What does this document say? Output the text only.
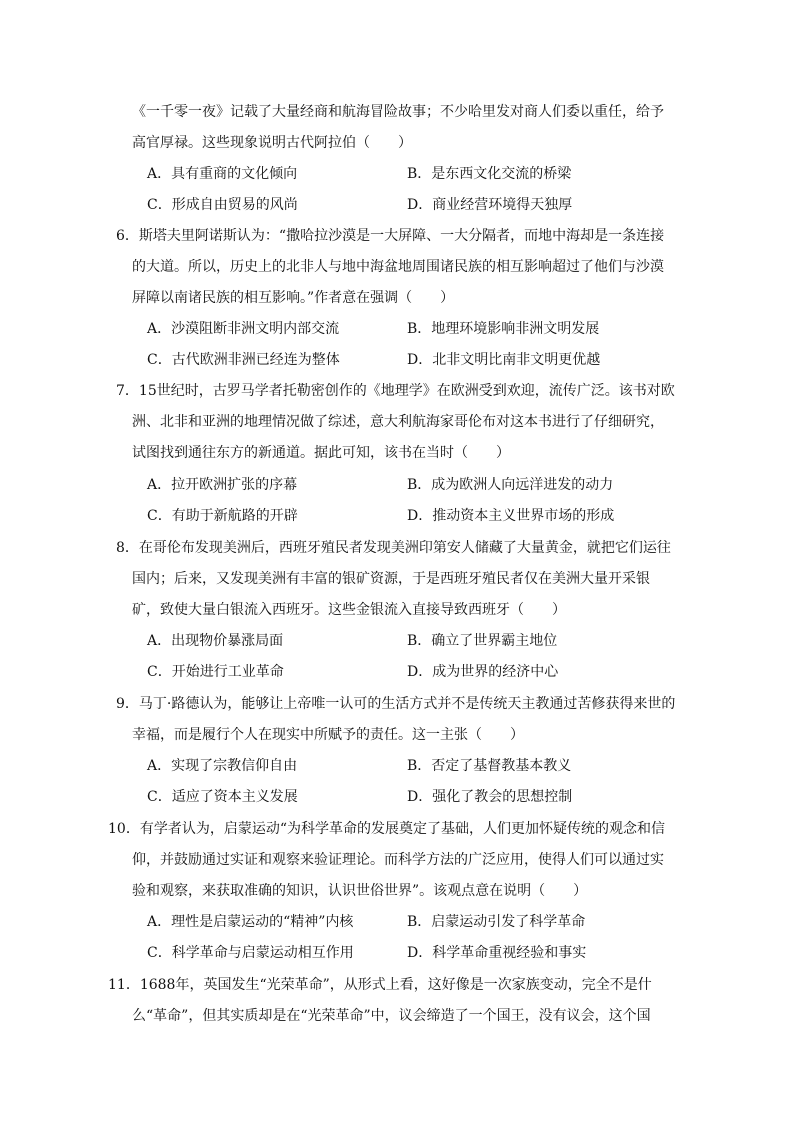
《一千零一夜》记载了大量经商和航海冒险故事；不少哈里发对商人们委以重任，给予高官厚禄。这些现象说明古代阿拉伯（　　）

A．具有重商的文化倾向	B．是东西文化交流的桥梁
C．形成自由贸易的风尚	D．商业经营环境得天独厚

6．斯塔夫里阿诺斯认为：“撒哈拉沙漠是一大屏障、一大分隔者，而地中海却是一条连接的大道。所以，历史上的北非人与地中海盆地周围诸民族的相互影响超过了他们与沙漠屏障以南诸民族的相互影响。”作者意在强调（　　）

A．沙漠阻断非洲文明内部交流	B．地理环境影响非洲文明发展
C．古代欧洲非洲已经连为整体	D．北非文明比南非文明更优越

7．15世纪时，古罗马学者托勒密创作的《地理学》在欧洲受到欢迎，流传广泛。该书对欧洲、北非和亚洲的地理情况做了综述，意大利航海家哥伦布对这本书进行了仔细研究，试图找到通往东方的新通道。据此可知，该书在当时（　　）

A．拉开欧洲扩张的序幕	B．成为欧洲人向远洋进发的动力
C．有助于新航路的开辟	D．推动资本主义世界市场的形成

8．在哥伦布发现美洲后，西班牙殖民者发现美洲印第安人储藏了大量黄金，就把它们运往国内；后来，又发现美洲有丰富的银矿资源，于是西班牙殖民者仅在美洲大量开采银矿，致使大量白银流入西班牙。这些金银流入直接导致西班牙（　　）

A．出现物价暴涨局面	B．确立了世界霸主地位
C．开始进行工业革命	D．成为世界的经济中心

9．马丁·路德认为，能够让上帝唯一认可的生活方式并不是传统天主教通过苦修获得来世的幸福，而是履行个人在现实中所赋予的责任。这一主张（　　）

A．实现了宗教信仰自由	B．否定了基督教基本教义
C．适应了资本主义发展	D．强化了教会的思想控制

10．有学者认为，启蒙运动“为科学革命的发展奠定了基础，人们更加怀疑传统的观念和信仰，并鼓励通过实证和观察来验证理论。而科学方法的广泛应用，使得人们可以通过实验和观察，来获取准确的知识，认识世俗世界”。该观点意在说明（　　）

A．理性是启蒙运动的“精神”内核	B．启蒙运动引发了科学革命
C．科学革命与启蒙运动相互作用	D．科学革命重视经验和事实

11．1688年，英国发生“光荣革命”，从形式上看，这好像是一次家族变动，完全不是什么“革命”，但其实质却是在“光荣革命”中，议会缔造了一个国王，没有议会，这个国
